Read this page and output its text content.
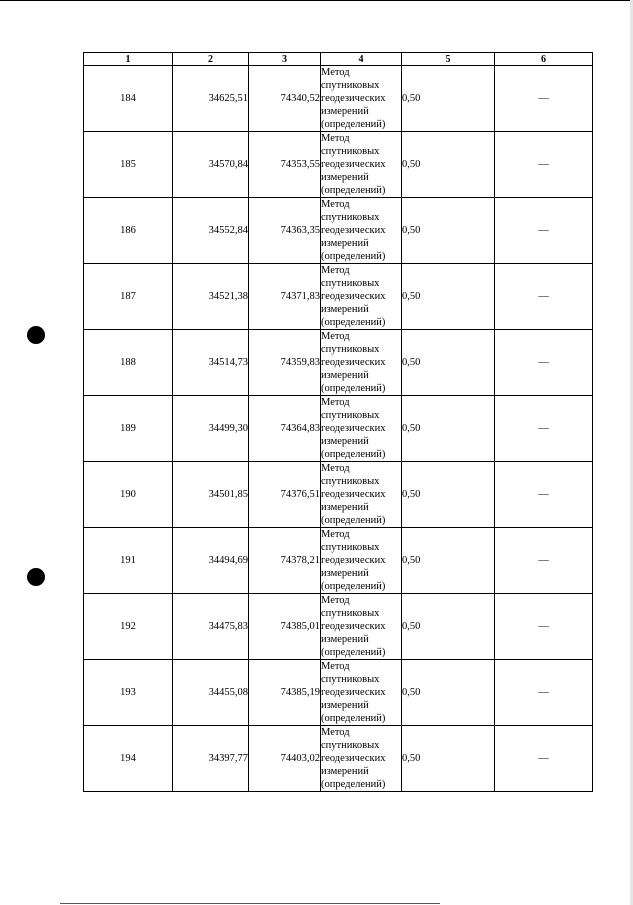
1	2	3	4	5	6
184	34625,51	74340,52	Метод спутниковых геодезических измерений (определений)	0,50	—
185	34570,84	74353,55	Метод спутниковых геодезических измерений (определений)	0,50	—
186	34552,84	74363,35	Метод спутниковых геодезических измерений (определений)	0,50	—
187	34521,38	74371,83	Метод спутниковых геодезических измерений (определений)	0,50	—
188	34514,73	74359,83	Метод спутниковых геодезических измерений (определений)	0,50	—
189	34499,30	74364,83	Метод спутниковых геодезических измерений (определений)	0,50	—
190	34501,85	74376,51	Метод спутниковых геодезических измерений (определений)	0,50	—
191	34494,69	74378,21	Метод спутниковых геодезических измерений (определений)	0,50	—
192	34475,83	74385,01	Метод спутниковых геодезических измерений (определений)	0,50	—
193	34455,08	74385,19	Метод спутниковых геодезических измерений (определений)	0,50	—
194	34397,77	74403,02	Метод спутниковых геодезических измерений (определений)	0,50	—
